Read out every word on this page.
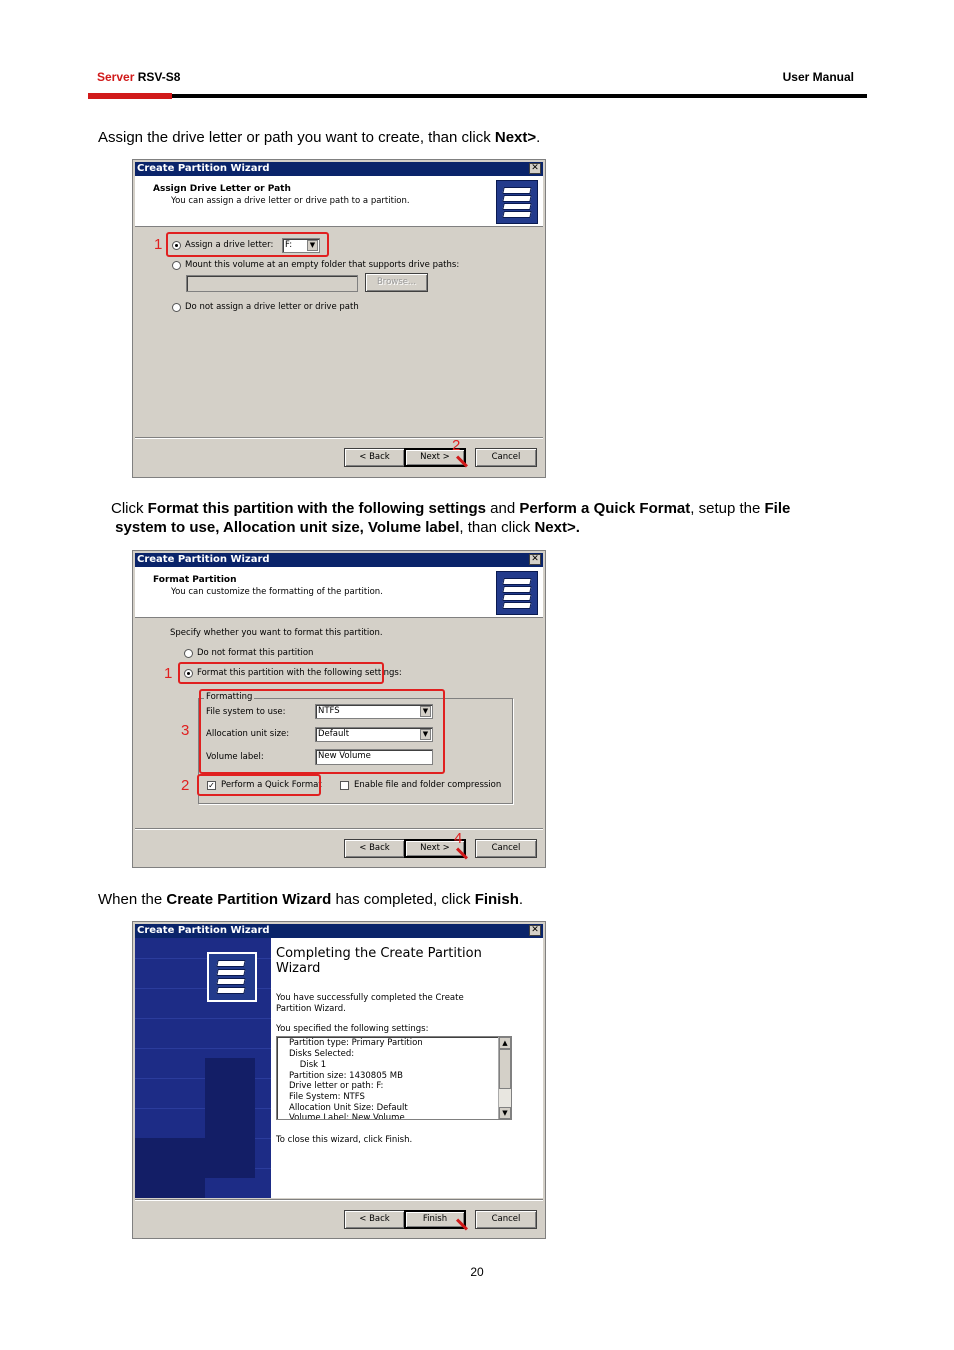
Server RSV-S8	User Manual
Assign the drive letter or path you want to create, than click Next>.
Create Partition Wizard	✕
Assign Drive Letter or Path
You can assign a drive letter or drive path to a partition.
Assign a drive letter:	F:	▼
Mount this volume at an empty folder that supports drive paths:
Browse...
Do not assign a drive letter or drive path
< Back	Next >	Cancel
1
2
Click Format this partition with the following settings and Perform a Quick Format, setup the File
system to use, Allocation unit size, Volume label, than click Next>.
Create Partition Wizard	✕
Format Partition
You can customize the formatting of the partition.
Specify whether you want to format this partition.
Do not format this partition
Format this partition with the following settings:
Formatting
File system to use:	NTFS	▼
Allocation unit size:	Default	▼
Volume label:	New Volume
✓ Perform a Quick Format	Enable file and folder compression
< Back	Next >	Cancel
1
3
2
4
When the Create Partition Wizard has completed, click Finish.
Create Partition Wizard	✕
Completing the Create Partition Wizard
You have successfully completed the Create Partition Wizard.
You specified the following settings:
Partition type: Primary Partition
Disks Selected:
Disk 1
Partition size: 1430805 MB
Drive letter or path: F:
File System: NTFS
Allocation Unit Size: Default
Volume Label: New Volume
▲
▼
To close this wizard, click Finish.
< Back	Finish	Cancel
20
